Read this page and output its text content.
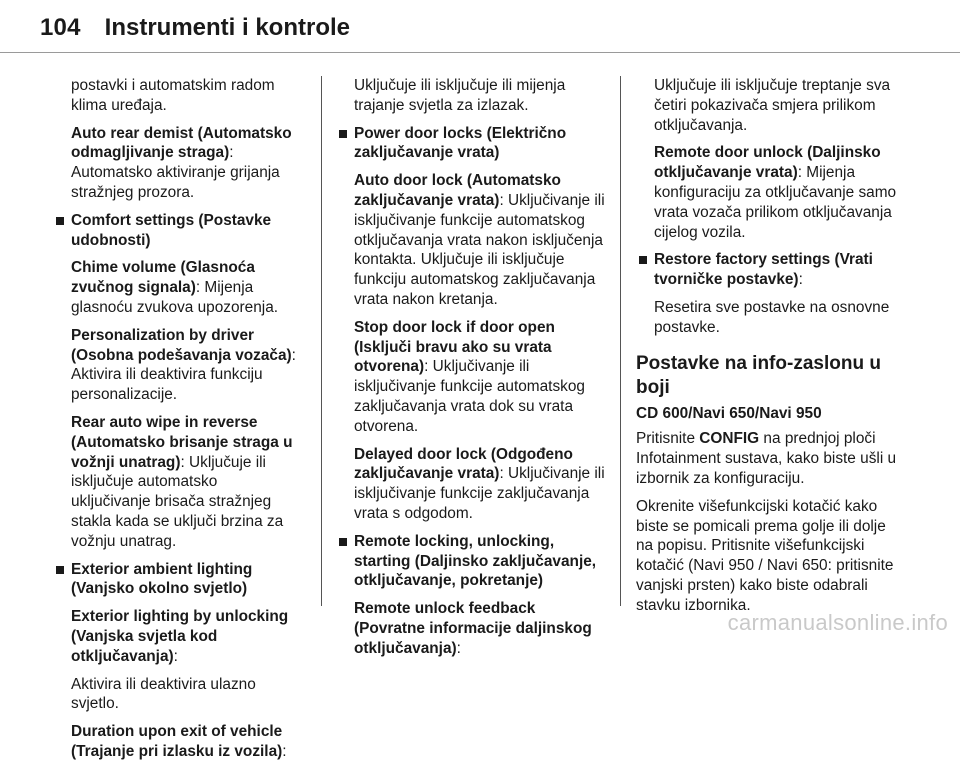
104 Instrumenti i kontrole

postavki i automatskim radom klima uređaja.

Auto rear demist (Automatsko odmagljivanje straga): Automatsko aktiviranje grijanja stražnjeg prozora.

Comfort settings (Postavke udobnosti)

Chime volume (Glasnoća zvučnog signala): Mijenja glasnoću zvukova upozorenja.

Personalization by driver (Osobna podešavanja vozača): Aktivira ili deaktivira funkciju personalizacije.

Rear auto wipe in reverse (Automatsko brisanje straga u vožnji unatrag): Uključuje ili isključuje automatsko uključivanje brisača stražnjeg stakla kada se uključi brzina za vožnju unatrag.

Exterior ambient lighting (Vanjsko okolno svjetlo)

Exterior lighting by unlocking (Vanjska svjetla kod otključavanja):

Aktivira ili deaktivira ulazno svjetlo.

Duration upon exit of vehicle (Trajanje pri izlasku iz vozila):

Uključuje ili isključuje ili mijenja trajanje svjetla za izlazak.

Power door locks (Električno zaključavanje vrata)

Auto door lock (Automatsko zaključavanje vrata): Uključivanje ili isključivanje funkcije automatskog otključavanja vrata nakon isključenja kontakta. Uključuje ili isključuje funkciju automatskog zaključavanja vrata nakon kretanja.

Stop door lock if door open (Isključi bravu ako su vrata otvorena): Uključivanje ili isključivanje funkcije automatskog zaključavanja vrata dok su vrata otvorena.

Delayed door lock (Odgođeno zaključavanje vrata): Uključivanje ili isključivanje funkcije zaključavanja vrata s odgodom.

Remote locking, unlocking, starting (Daljinsko zaključavanje, otključavanje, pokretanje)

Remote unlock feedback (Povratne informacije daljinskog otključavanja):

Uključuje ili isključuje treptanje sva četiri pokazivača smjera prilikom otključavanja.

Remote door unlock (Daljinsko otključavanje vrata): Mijenja konfiguraciju za otključavanje samo vrata vozača prilikom otključavanja cijelog vozila.

Restore factory settings (Vrati tvorničke postavke):

Resetira sve postavke na osnovne postavke.

Postavke na info-zaslonu u boji

CD 600/Navi 650/Navi 950

Pritisnite CONFIG na prednjoj ploči Infotainment sustava, kako biste ušli u izbornik za konfiguraciju.

Okrenite višefunkcijski kotačić kako biste se pomicali prema golje ili dolje na popisu. Pritisnite višefunkcijski kotačić (Navi 950 / Navi 650: pritisnite vanjski prsten) kako biste odabrali stavku izbornika.

carmanualsonline.info
